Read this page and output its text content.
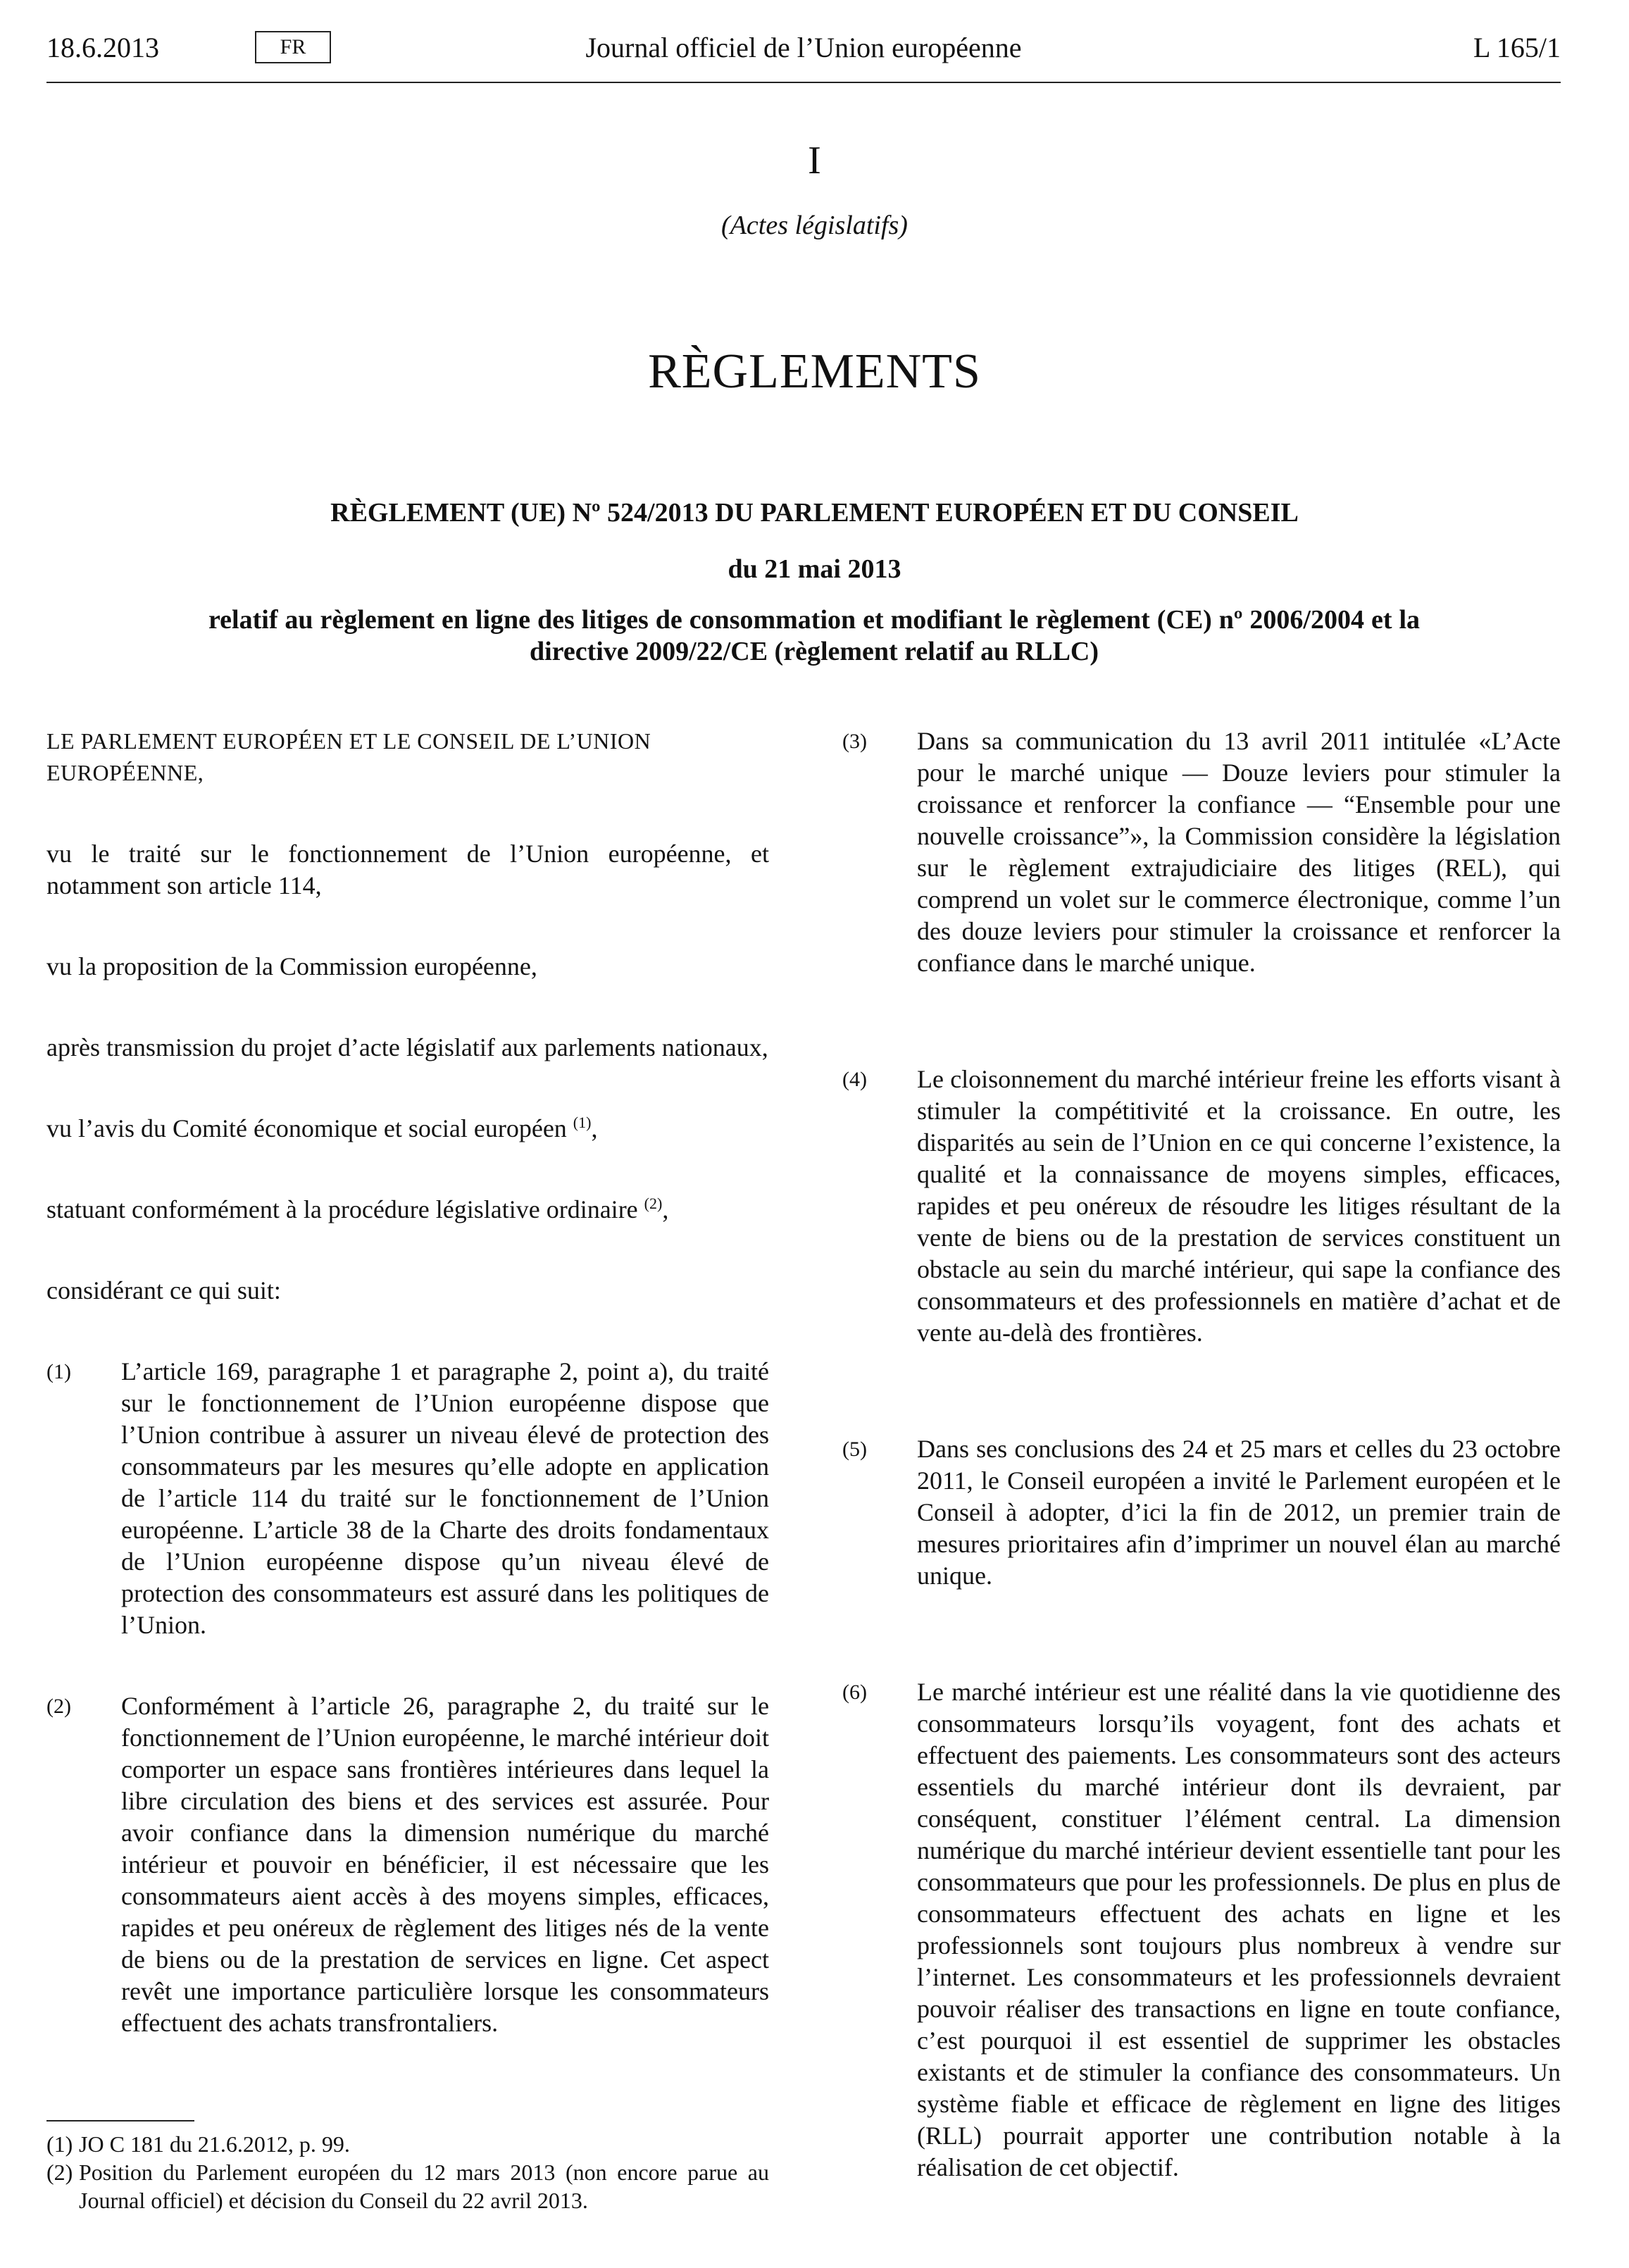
Journal officiel de l’Union européenne
18.6.2013	FR	L 165/1
I
(Actes législatifs)
RÈGLEMENTS
RÈGLEMENT (UE) Nº 524/2013 DU PARLEMENT EUROPÉEN ET DU CONSEIL
du 21 mai 2013
relatif au règlement en ligne des litiges de consommation et modifiant le règlement (CE) nº 2006/2004 et la directive 2009/22/CE (règlement relatif au RLLC)

LE PARLEMENT EUROPÉEN ET LE CONSEIL DE L’UNION EUROPÉENNE,

vu le traité sur le fonctionnement de l’Union européenne, et notamment son article 114,

vu la proposition de la Commission européenne,

après transmission du projet d’acte législatif aux parlements nationaux,

vu l’avis du Comité économique et social européen $^{(1)}$,

statuant conformément à la procédure législative ordinaire $^{(2)}$,

considérant ce qui suit:

(1)	L’article 169, paragraphe 1 et paragraphe 2, point a), du traité sur le fonctionnement de l’Union européenne dispose que l’Union contribue à assurer un niveau élevé de protection des consommateurs par les mesures qu’elle adopte en application de l’article 114 du traité sur le fonctionnement de l’Union européenne. L’article 38 de la Charte des droits fondamentaux de l’Union européenne dispose qu’un niveau élevé de protection des consommateurs est assuré dans les politiques de l’Union.
(2)	Conformément à l’article 26, paragraphe 2, du traité sur le fonctionnement de l’Union européenne, le marché intérieur doit comporter un espace sans frontières intérieures dans lequel la libre circulation des biens et des services est assurée. Pour avoir confiance dans la dimension numérique du marché intérieur et pouvoir en bénéficier, il est nécessaire que les consommateurs aient accès à des moyens simples, efficaces, rapides et peu onéreux de règlement des litiges nés de la vente de biens ou de la prestation de services en ligne. Cet aspect revêt une importance particulière lorsque les consommateurs effectuent des achats transfrontaliers.
(3)	Dans sa communication du 13 avril 2011 intitulée «L’Acte pour le marché unique — Douze leviers pour stimuler la croissance et renforcer la confiance — “Ensemble pour une nouvelle croissance”», la Commission considère la législation sur le règlement extrajudiciaire des litiges (REL), qui comprend un volet sur le commerce électronique, comme l’un des douze leviers pour stimuler la croissance et renforcer la confiance dans le marché unique.
(4)	Le cloisonnement du marché intérieur freine les efforts visant à stimuler la compétitivité et la croissance. En outre, les disparités au sein de l’Union en ce qui concerne l’existence, la qualité et la connaissance de moyens simples, efficaces, rapides et peu onéreux de résoudre les litiges résultant de la vente de biens ou de la prestation de services constituent un obstacle au sein du marché intérieur, qui sape la confiance des consommateurs et des professionnels en matière d’achat et de vente au-delà des frontières.
(5)	Dans ses conclusions des 24 et 25 mars et celles du 23 octobre 2011, le Conseil européen a invité le Parlement européen et le Conseil à adopter, d’ici la fin de 2012, un premier train de mesures prioritaires afin d’imprimer un nouvel élan au marché unique.
(6)	Le marché intérieur est une réalité dans la vie quotidienne des consommateurs lorsqu’ils voyagent, font des achats et effectuent des paiements. Les consommateurs sont des acteurs essentiels du marché intérieur dont ils devraient, par conséquent, constituer l’élément central. La dimension numérique du marché intérieur devient essentielle tant pour les consommateurs que pour les professionnels. De plus en plus de consommateurs effectuent des achats en ligne et les professionnels sont toujours plus nombreux à vendre sur l’internet. Les consommateurs et les professionnels devraient pouvoir réaliser des transactions en ligne en toute confiance, c’est pourquoi il est essentiel de supprimer les obstacles existants et de stimuler la confiance des consommateurs. Un système fiable et efficace de règlement en ligne des litiges (RLL) pourrait apporter une contribution notable à la réalisation de cet objectif.

(1) JO C 181 du 21.6.2012, p. 99.

(2) Position du Parlement européen du 12 mars 2013 (non encore parue au Journal officiel) et décision du Conseil du 22 avril 2013.
